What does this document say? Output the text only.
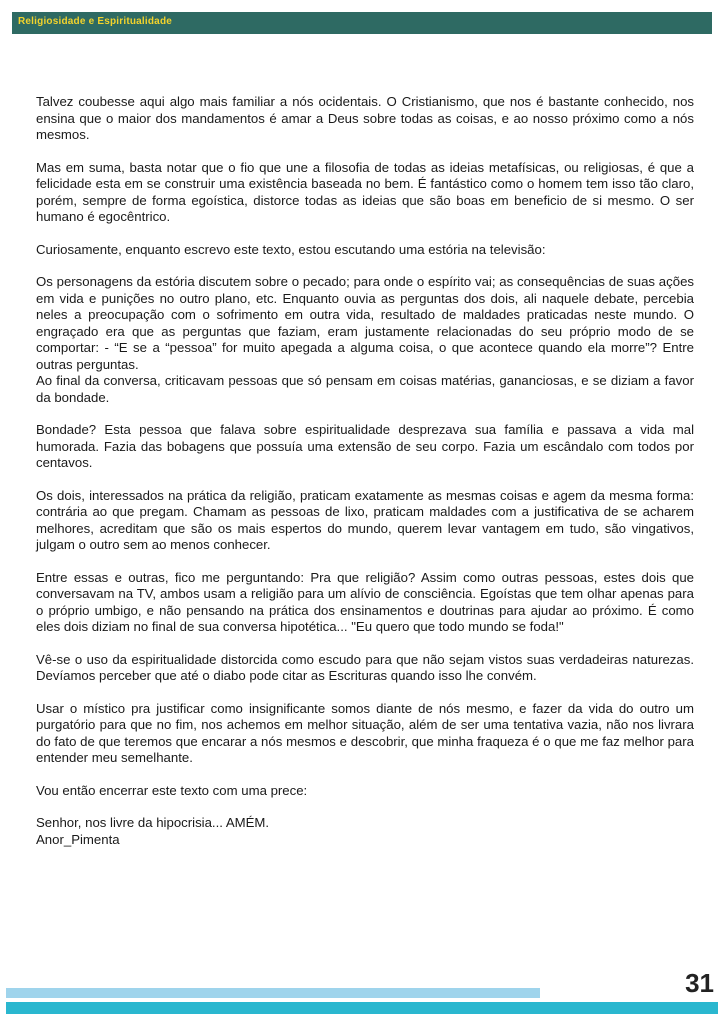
Religiosidade e Espiritualidade

Talvez coubesse aqui algo mais familiar a nós ocidentais. O Cristianismo, que nos é bastante conhecido, nos ensina que o maior dos mandamentos é amar a Deus sobre todas as coisas, e ao nosso próximo como a nós mesmos.

Mas em suma, basta notar que o fio que une a filosofia de todas as ideias metafísicas, ou religiosas, é que a felicidade esta em se construir uma existência baseada no bem. É fantástico como o homem tem isso tão claro, porém, sempre de forma egoística, distorce todas as ideias que são boas em beneficio de si mesmo. O ser humano é egocêntrico.

Curiosamente, enquanto escrevo este texto, estou escutando uma estória na televisão:

Os personagens da estória discutem sobre o pecado; para onde o espírito vai; as consequências de suas ações em vida e punições no outro plano, etc. Enquanto ouvia as perguntas dos dois, ali naquele debate, percebia neles a preocupação com o sofrimento em outra vida, resultado de maldades praticadas neste mundo. O engraçado era que as perguntas que faziam, eram justamente relacionadas do seu próprio modo de se comportar: - “E se a “pessoa” for muito apegada a alguma coisa, o que acontece quando ela morre”? Entre outras perguntas.

Ao final da conversa, criticavam pessoas que só pensam em coisas matérias, gananciosas, e se diziam a favor da bondade.

Bondade? Esta pessoa que falava sobre espiritualidade desprezava sua família e passava a vida mal humorada. Fazia das bobagens que possuía uma extensão de seu corpo. Fazia um escândalo com todos por centavos.

Os dois, interessados na prática da religião, praticam exatamente as mesmas coisas e agem da mesma forma: contrária ao que pregam. Chamam as pessoas de lixo, praticam maldades com a justificativa de se acharem melhores, acreditam que são os mais espertos do mundo, querem levar vantagem em tudo, são vingativos, julgam o outro sem ao menos conhecer.

Entre essas e outras, fico me perguntando: Pra que religião? Assim como outras pessoas, estes dois que conversavam na TV, ambos usam a religião para um alívio de consciência. Egoístas que tem olhar apenas para o próprio umbigo, e não pensando na prática dos ensinamentos e doutrinas para ajudar ao próximo. É como eles dois diziam no final de sua conversa hipotética... "Eu quero que todo mundo se foda!"

Vê-se o uso da espiritualidade distorcida como escudo para que não sejam vistos suas verdadeiras naturezas. Devíamos perceber que até o diabo pode citar as Escrituras quando isso lhe convém.

Usar o místico pra justificar como insignificante somos diante de nós mesmo, e fazer da vida do outro um purgatório para que no fim, nos achemos em melhor situação, além de ser uma tentativa vazia, não nos livrara do fato de que teremos que encarar a nós mesmos e descobrir, que minha fraqueza é o que me faz melhor para entender meu semelhante.

Vou então encerrar este texto com uma prece:

Senhor, nos livre da hipocrisia... AMÉM.

Anor_Pimenta

31
